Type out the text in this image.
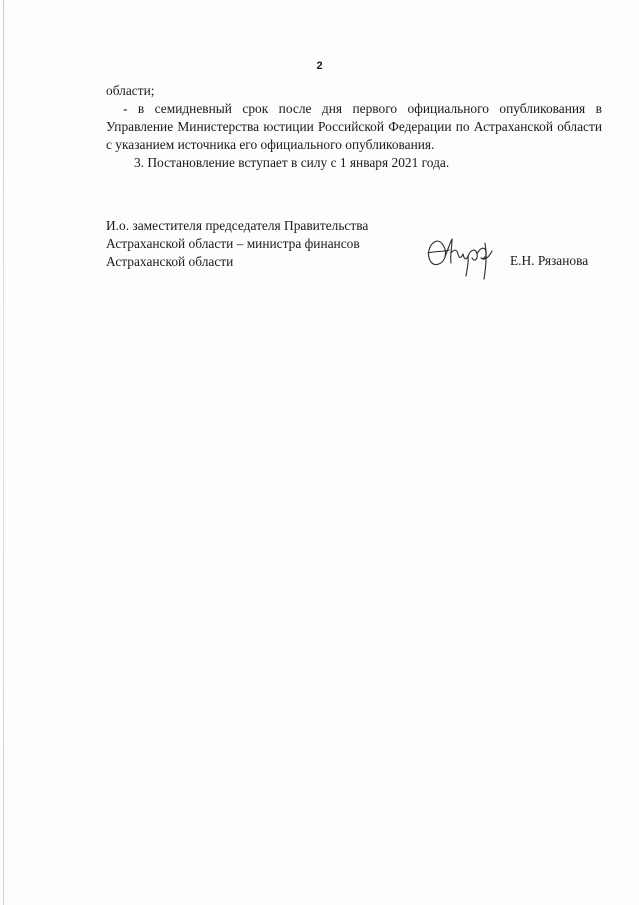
2

области;

- в семидневный срок после дня первого официального опубликования в Управление Министерства юстиции Российской Федерации по Астраханской области с указанием источника его официального опубликования.

3. Постановление вступает в силу с 1 января 2021 года.

И.о. заместителя председателя Правительства
Астраханской области – министра финансов
Астраханской области	Е.Н. Рязанова
